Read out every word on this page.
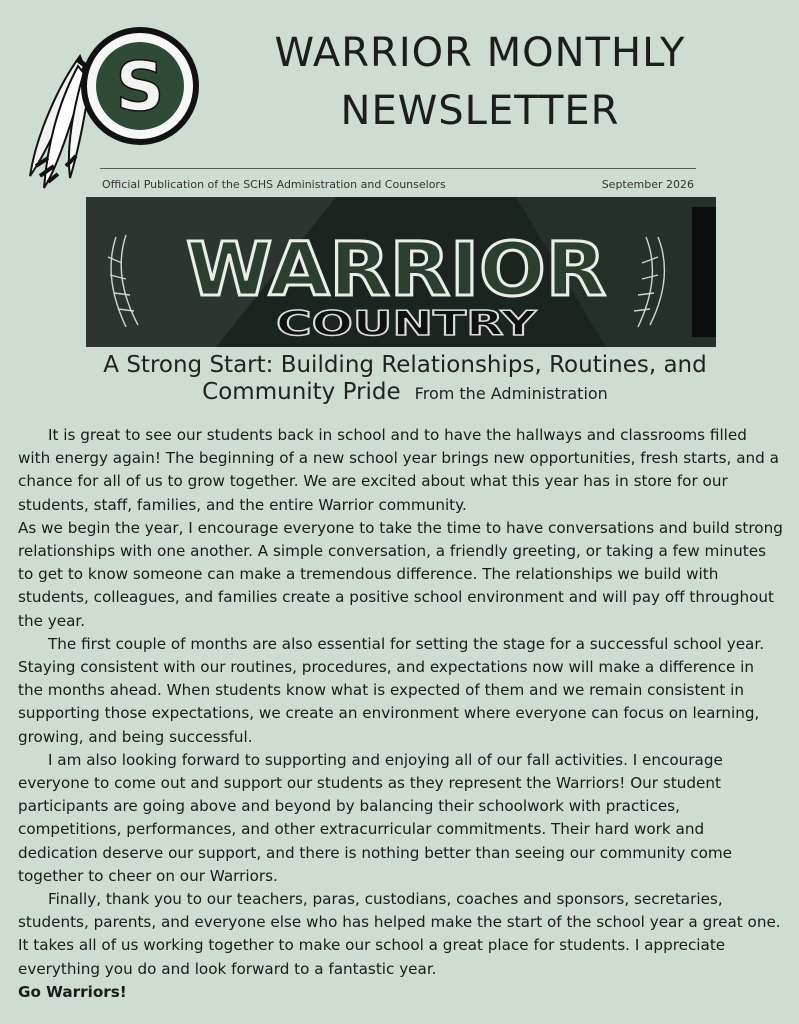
S	WARRIOR MONTHLY
NEWSLETTER
Official Publication of the SCHS Administration and Counselors	September 2026
WARRIOR
COUNTRY
A Strong Start: Building Relationships, Routines, and
Community Pride From the Administration

It is great to see our students back in school and to have the hallways and classrooms filled with energy again! The beginning of a new school year brings new opportunities, fresh starts, and a chance for all of us to grow together. We are excited about what this year has in store for our students, staff, families, and the entire Warrior community.

As we begin the year, I encourage everyone to take the time to have conversations and build strong relationships with one another. A simple conversation, a friendly greeting, or taking a few minutes to get to know someone can make a tremendous difference. The relationships we build with students, colleagues, and families create a positive school environment and will pay off throughout the year.

The first couple of months are also essential for setting the stage for a successful school year. Staying consistent with our routines, procedures, and expectations now will make a difference in the months ahead. When students know what is expected of them and we remain consistent in supporting those expectations, we create an environment where everyone can focus on learning, growing, and being successful.

I am also looking forward to supporting and enjoying all of our fall activities. I encourage everyone to come out and support our students as they represent the Warriors! Our student participants are going above and beyond by balancing their schoolwork with practices, competitions, performances, and other extracurricular commitments. Their hard work and dedication deserve our support, and there is nothing better than seeing our community come together to cheer on our Warriors.

Finally, thank you to our teachers, paras, custodians, coaches and sponsors, secretaries, students, parents, and everyone else who has helped make the start of the school year a great one. It takes all of us working together to make our school a great place for students. I appreciate everything you do and look forward to a fantastic year.

Go Warriors!
